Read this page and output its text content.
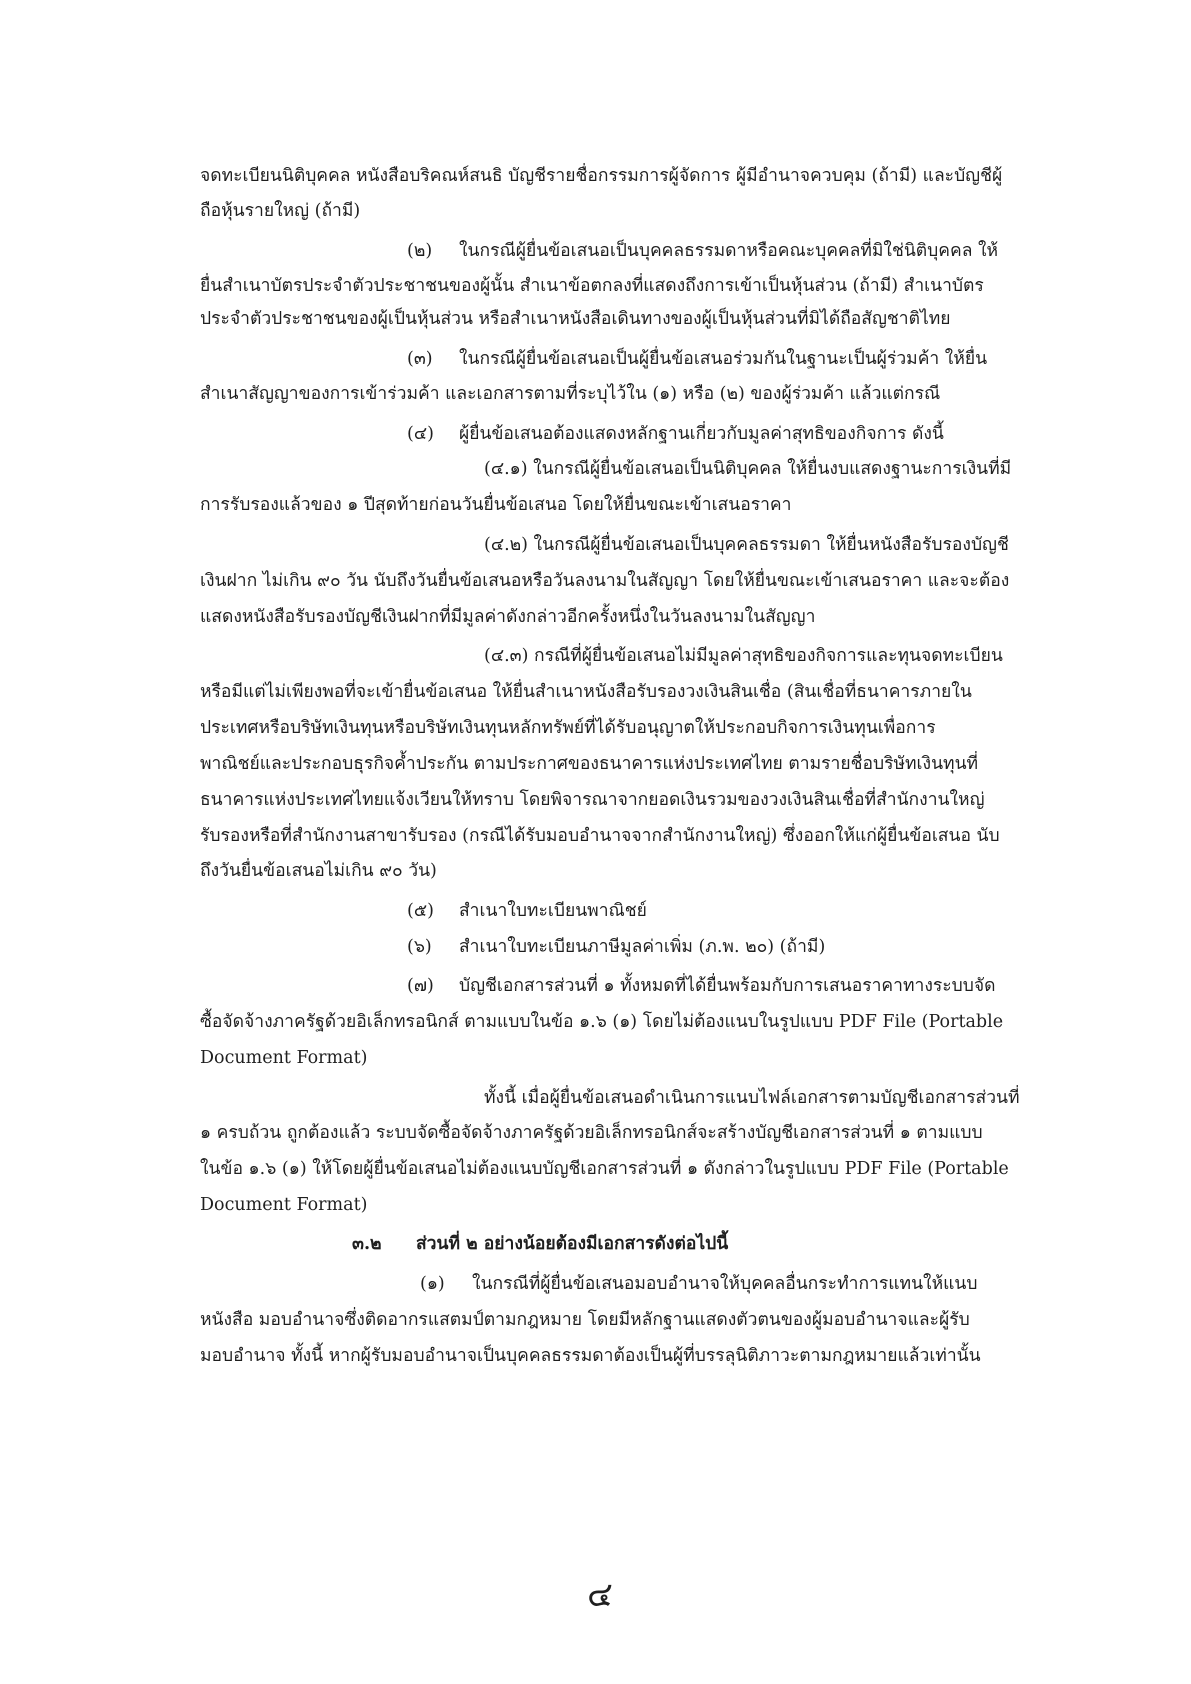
จดทะเบียนนิติบุคคล หนังสือบริคณห์สนธิ บัญชีรายชื่อกรรมการผู้จัดการ ผู้มีอำนาจควบคุม (ถ้ามี) และบัญชีผู้
ถือหุ้นรายใหญ่ (ถ้ามี)
(๒) ในกรณีผู้ยื่นข้อเสนอเป็นบุคคลธรรมดาหรือคณะบุคคลที่มิใช่นิติบุคคล ให้
ยื่นสำเนาบัตรประจำตัวประชาชนของผู้นั้น สำเนาข้อตกลงที่แสดงถึงการเข้าเป็นหุ้นส่วน (ถ้ามี) สำเนาบัตร
ประจำตัวประชาชนของผู้เป็นหุ้นส่วน หรือสำเนาหนังสือเดินทางของผู้เป็นหุ้นส่วนที่มิได้ถือสัญชาติไทย
(๓) ในกรณีผู้ยื่นข้อเสนอเป็นผู้ยื่นข้อเสนอร่วมกันในฐานะเป็นผู้ร่วมค้า ให้ยื่น
สำเนาสัญญาของการเข้าร่วมค้า และเอกสารตามที่ระบุไว้ใน (๑) หรือ (๒) ของผู้ร่วมค้า แล้วแต่กรณี
(๔) ผู้ยื่นข้อเสนอต้องแสดงหลักฐานเกี่ยวกับมูลค่าสุทธิของกิจการ ดังนี้
(๔.๑) ในกรณีผู้ยื่นข้อเสนอเป็นนิติบุคคล ให้ยื่นงบแสดงฐานะการเงินที่มี
การรับรองแล้วของ ๑ ปีสุดท้ายก่อนวันยื่นข้อเสนอ โดยให้ยื่นขณะเข้าเสนอราคา
(๔.๒) ในกรณีผู้ยื่นข้อเสนอเป็นบุคคลธรรมดา ให้ยื่นหนังสือรับรองบัญชี
เงินฝาก ไม่เกิน ๙๐ วัน นับถึงวันยื่นข้อเสนอหรือวันลงนามในสัญญา โดยให้ยื่นขณะเข้าเสนอราคา และจะต้อง
แสดงหนังสือรับรองบัญชีเงินฝากที่มีมูลค่าดังกล่าวอีกครั้งหนึ่งในวันลงนามในสัญญา
(๔.๓) กรณีที่ผู้ยื่นข้อเสนอไม่มีมูลค่าสุทธิของกิจการและทุนจดทะเบียน
หรือมีแต่ไม่เพียงพอที่จะเข้ายื่นข้อเสนอ ให้ยื่นสำเนาหนังสือรับรองวงเงินสินเชื่อ (สินเชื่อที่ธนาคารภายใน
ประเทศหรือบริษัทเงินทุนหรือบริษัทเงินทุนหลักทรัพย์ที่ได้รับอนุญาตให้ประกอบกิจการเงินทุนเพื่อการ
พาณิชย์และประกอบธุรกิจค้ำประกัน ตามประกาศของธนาคารแห่งประเทศไทย ตามรายชื่อบริษัทเงินทุนที่
ธนาคารแห่งประเทศไทยแจ้งเวียนให้ทราบ โดยพิจารณาจากยอดเงินรวมของวงเงินสินเชื่อที่สำนักงานใหญ่
รับรองหรือที่สำนักงานสาขารับรอง (กรณีได้รับมอบอำนาจจากสำนักงานใหญ่) ซึ่งออกให้แก่ผู้ยื่นข้อเสนอ นับ
ถึงวันยื่นข้อเสนอไม่เกิน ๙๐ วัน)
(๕) สำเนาใบทะเบียนพาณิชย์
(๖) สำเนาใบทะเบียนภาษีมูลค่าเพิ่ม (ภ.พ. ๒๐) (ถ้ามี)
(๗) บัญชีเอกสารส่วนที่ ๑ ทั้งหมดที่ได้ยื่นพร้อมกับการเสนอราคาทางระบบจัด
ซื้อจัดจ้างภาครัฐด้วยอิเล็กทรอนิกส์ ตามแบบในข้อ ๑.๖ (๑) โดยไม่ต้องแนบในรูปแบบ PDF File (Portable
Document Format)
ทั้งนี้ เมื่อผู้ยื่นข้อเสนอดำเนินการแนบไฟล์เอกสารตามบัญชีเอกสารส่วนที่
๑ ครบถ้วน ถูกต้องแล้ว ระบบจัดซื้อจัดจ้างภาครัฐด้วยอิเล็กทรอนิกส์จะสร้างบัญชีเอกสารส่วนที่ ๑ ตามแบบ
ในข้อ ๑.๖ (๑) ให้โดยผู้ยื่นข้อเสนอไม่ต้องแนบบัญชีเอกสารส่วนที่ ๑ ดังกล่าวในรูปแบบ PDF File (Portable
Document Format)
๓.๒ ส่วนที่ ๒ อย่างน้อยต้องมีเอกสารดังต่อไปนี้
(๑) ในกรณีที่ผู้ยื่นข้อเสนอมอบอำนาจให้บุคคลอื่นกระทำการแทนให้แนบ
หนังสือ มอบอำนาจซึ่งติดอากรแสตมป์ตามกฎหมาย โดยมีหลักฐานแสดงตัวตนของผู้มอบอำนาจและผู้รับ
มอบอำนาจ ทั้งนี้ หากผู้รับมอบอำนาจเป็นบุคคลธรรมดาต้องเป็นผู้ที่บรรลุนิติภาวะตามกฎหมายแล้วเท่านั้น
๔
